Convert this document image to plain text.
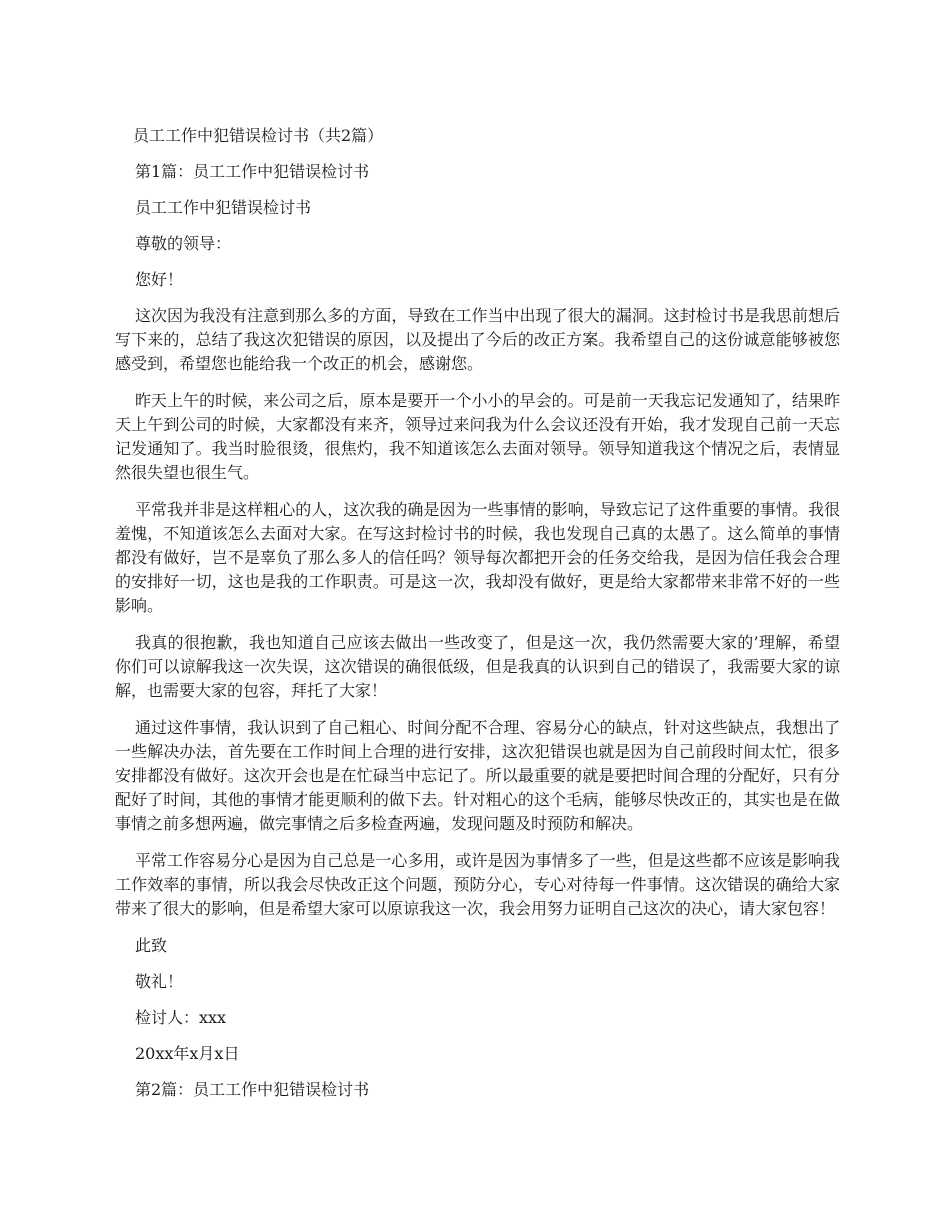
员工工作中犯错误检讨书（共2篇）
第1篇：员工工作中犯错误检讨书
员工工作中犯错误检讨书
尊敬的领导：
您好！
这次因为我没有注意到那么多的方面，导致在工作当中出现了很大的漏洞。这封检讨书是我思前想后写下来的，总结了我这次犯错误的原因，以及提出了今后的改正方案。我希望自己的这份诚意能够被您感受到，希望您也能给我一个改正的机会，感谢您。
昨天上午的时候，来公司之后，原本是要开一个小小的早会的。可是前一天我忘记发通知了，结果昨天上午到公司的时候，大家都没有来齐，领导过来问我为什么会议还没有开始，我才发现自己前一天忘记发通知了。我当时脸很烫，很焦灼，我不知道该怎么去面对领导。领导知道我这个情况之后，表情显然很失望也很生气。
平常我并非是这样粗心的人，这次我的确是因为一些事情的影响，导致忘记了这件重要的事情。我很羞愧，不知道该怎么去面对大家。在写这封检讨书的时候，我也发现自己真的太愚了。这么简单的事情都没有做好，岂不是辜负了那么多人的信任吗？领导每次都把开会的任务交给我，是因为信任我会合理的安排好一切，这也是我的工作职责。可是这一次，我却没有做好，更是给大家都带来非常不好的一些影响。
我真的很抱歉，我也知道自己应该去做出一些改变了，但是这一次，我仍然需要大家的’理解，希望你们可以谅解我这一次失误，这次错误的确很低级，但是我真的认识到自己的错误了，我需要大家的谅解，也需要大家的包容，拜托了大家！
通过这件事情，我认识到了自己粗心、时间分配不合理、容易分心的缺点，针对这些缺点，我想出了一些解决办法，首先要在工作时间上合理的进行安排，这次犯错误也就是因为自己前段时间太忙，很多安排都没有做好。这次开会也是在忙碌当中忘记了。所以最重要的就是要把时间合理的分配好，只有分配好了时间，其他的事情才能更顺利的做下去。针对粗心的这个毛病，能够尽快改正的，其实也是在做事情之前多想两遍，做完事情之后多检查两遍，发现问题及时预防和解决。
平常工作容易分心是因为自己总是一心多用，或许是因为事情多了一些，但是这些都不应该是影响我工作效率的事情，所以我会尽快改正这个问题，预防分心，专心对待每一件事情。这次错误的确给大家带来了很大的影响，但是希望大家可以原谅我这一次，我会用努力证明自己这次的决心，请大家包容！
此致
敬礼！
检讨人：xxx
20xx年x月x日
第2篇：员工工作中犯错误检讨书
